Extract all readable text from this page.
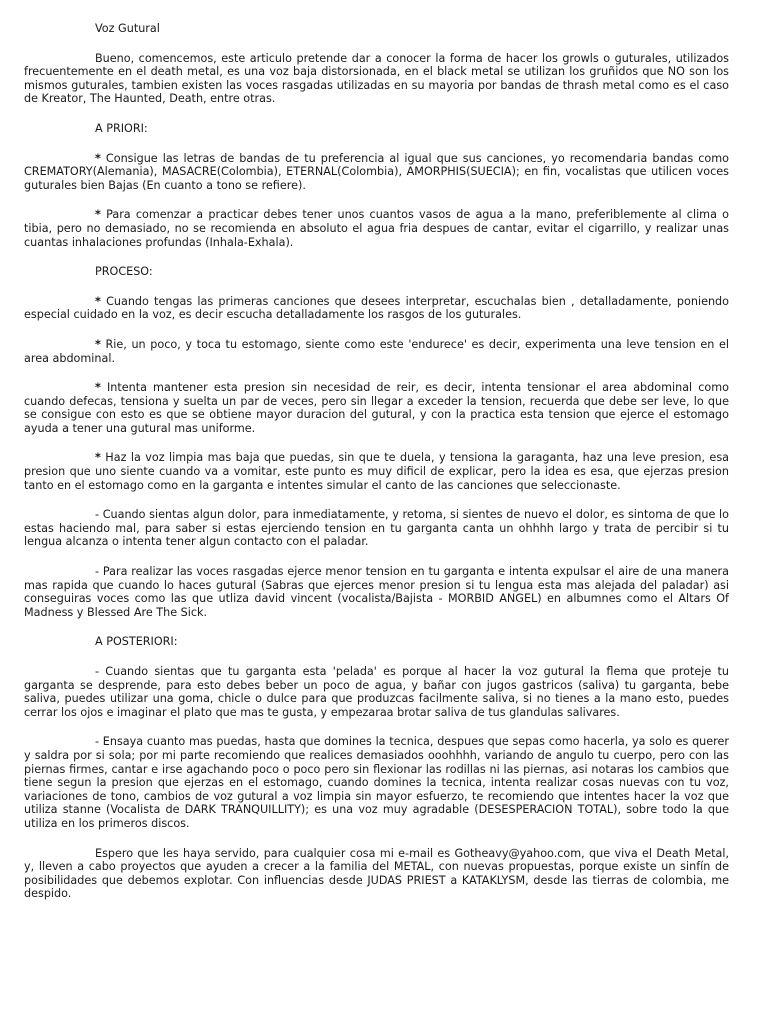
Voz Gutural

Bueno, comencemos, este articulo pretende dar a conocer la forma de hacer los growls o guturales, utilizados frecuentemente en el death metal, es una voz baja distorsionada, en el black metal se utilizan los gruñidos que NO son los mismos guturales, tambien existen las voces rasgadas utilizadas en su mayoria por bandas de thrash metal como es el caso de Kreator, The Haunted, Death, entre otras.

A PRIORI:

* Consigue las letras de bandas de tu preferencia al igual que sus canciones, yo recomendaria bandas como CREMATORY(Alemania), MASACRE(Colombia), ETERNAL(Colombia), AMORPHIS(SUECIA); en fin, vocalistas que utilicen voces guturales bien Bajas (En cuanto a tono se refiere).

* Para comenzar a practicar debes tener unos cuantos vasos de agua a la mano, preferiblemente al clima o tibia, pero no demasiado, no se recomienda en absoluto el agua fria despues de cantar, evitar el cigarrillo, y realizar unas cuantas inhalaciones profundas (Inhala-Exhala).

PROCESO:

* Cuando tengas las primeras canciones que desees interpretar, escuchalas bien , detalladamente, poniendo especial cuidado en la voz, es decir escucha detalladamente los rasgos de los guturales.

* Rie, un poco, y toca tu estomago, siente como este 'endurece' es decir, experimenta una leve tension en el area abdominal.

* Intenta mantener esta presion sin necesidad de reir, es decir, intenta tensionar el area abdominal como cuando defecas, tensiona y suelta un par de veces, pero sin llegar a exceder la tension, recuerda que debe ser leve, lo que se consigue con esto es que se obtiene mayor duracion del gutural, y con la practica esta tension que ejerce el estomago ayuda a tener una gutural mas uniforme.

* Haz la voz limpia mas baja que puedas, sin que te duela, y tensiona la garaganta, haz una leve presion, esa presion que uno siente cuando va a vomitar, este punto es muy dificil de explicar, pero la idea es esa, que ejerzas presion tanto en el estomago como en la garganta e intentes simular el canto de las canciones que seleccionaste.

- Cuando sientas algun dolor, para inmediatamente, y retoma, si sientes de nuevo el dolor, es sintoma de que lo estas haciendo mal, para saber si estas ejerciendo tension en tu garganta canta un ohhhh largo y trata de percibir si tu lengua alcanza o intenta tener algun contacto con el paladar.

- Para realizar las voces rasgadas ejerce menor tension en tu garganta e intenta expulsar el aire de una manera mas rapida que cuando lo haces gutural (Sabras que ejerces menor presion si tu lengua esta mas alejada del paladar) asi conseguiras voces como las que utliza david vincent (vocalista/Bajista - MORBID ANGEL) en albumnes como el Altars Of Madness y Blessed Are The Sick.

A POSTERIORI:

- Cuando sientas que tu garganta esta 'pelada' es porque al hacer la voz gutural la flema que proteje tu garganta se desprende, para esto debes beber un poco de agua, y bañar con jugos gastricos (saliva) tu garganta, bebe saliva, puedes utilizar una goma, chicle o dulce para que produzcas facilmente saliva, si no tienes a la mano esto, puedes cerrar los ojos e imaginar el plato que mas te gusta, y empezaraa brotar saliva de tus glandulas salivares.

- Ensaya cuanto mas puedas, hasta que domines la tecnica, despues que sepas como hacerla, ya solo es querer y saldra por si sola; por mi parte recomiendo que realices demasiados ooohhhh, variando de angulo tu cuerpo, pero con las piernas firmes, cantar e irse agachando poco o poco pero sin flexionar las rodillas ni las piernas, asi notaras los cambios que tiene segun la presion que ejerzas en el estomago, cuando domines la tecnica, intenta realizar cosas nuevas con tu voz, variaciones de tono, cambios de voz gutural a voz limpia sin mayor esfuerzo, te recomiendo que intentes hacer la voz que utiliza stanne (Vocalista de DARK TRANQUILLITY); es una voz muy agradable (DESESPERACION TOTAL), sobre todo la que utiliza en los primeros discos.

Espero que les haya servido, para cualquier cosa mi e-mail es Gotheavy@yahoo.com, que viva el Death Metal, y, lleven a cabo proyectos que ayuden a crecer a la familia del METAL, con nuevas propuestas, porque existe un sinfín de posibilidades que debemos explotar. Con influencias desde JUDAS PRIEST a KATAKLYSM, desde las tierras de colombia, me despido.
